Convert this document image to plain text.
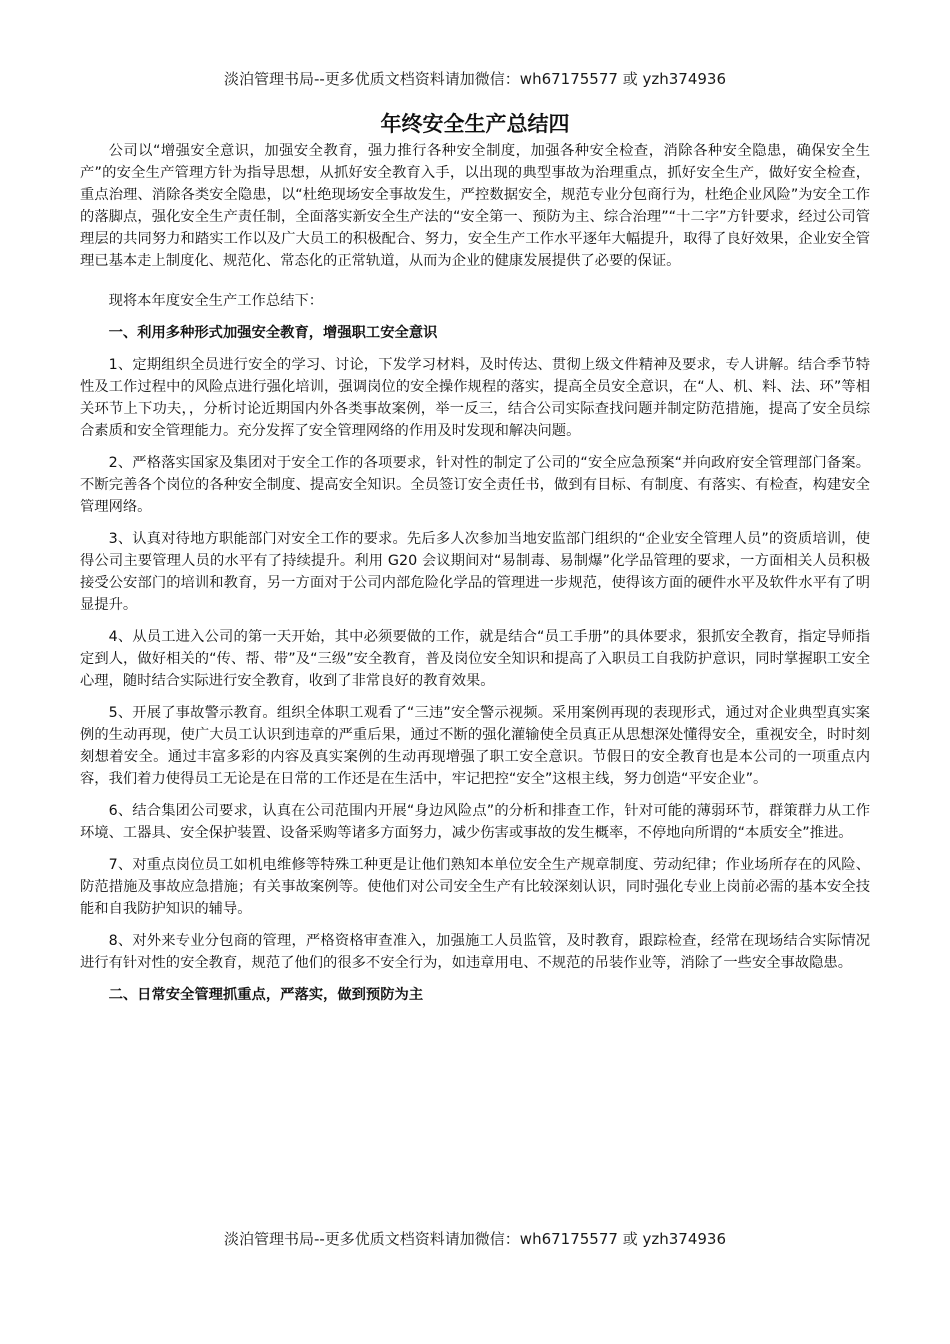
淡泊管理书局--更多优质文档资料请加微信：wh67175577 或 yzh374936
年终安全生产总结四

公司以“增强安全意识，加强安全教育，强力推行各种安全制度，加强各种安全检查，消除各种安全隐患，确保安全生产”的安全生产管理方针为指导思想，从抓好安全教育入手，以出现的典型事故为治理重点，抓好安全生产，做好安全检查，重点治理、消除各类安全隐患，以“杜绝现场安全事故发生，严控数据安全，规范专业分包商行为，杜绝企业风险”为安全工作的落脚点，强化安全生产责任制，全面落实新安全生产法的“安全第一、预防为主、综合治理”“十二字”方针要求，经过公司管理层的共同努力和踏实工作以及广大员工的积极配合、努力，安全生产工作水平逐年大幅提升，取得了良好效果，企业安全管理已基本走上制度化、规范化、常态化的正常轨道，从而为企业的健康发展提供了必要的保证。

现将本年度安全生产工作总结下：

一、利用多种形式加强安全教育，增强职工安全意识

1、定期组织全员进行安全的学习、讨论，下发学习材料，及时传达、贯彻上级文件精神及要求，专人讲解。结合季节特性及工作过程中的风险点进行强化培训，强调岗位的安全操作规程的落实，提高全员安全意识，在“人、机、料、法、环”等相关环节上下功夫，，分析讨论近期国内外各类事故案例，举一反三，结合公司实际查找问题并制定防范措施，提高了安全员综合素质和安全管理能力。充分发挥了安全管理网络的作用及时发现和解决问题。

2、严格落实国家及集团对于安全工作的各项要求，针对性的制定了公司的“安全应急预案“并向政府安全管理部门备案。不断完善各个岗位的各种安全制度、提高安全知识。全员签订安全责任书，做到有目标、有制度、有落实、有检查，构建安全管理网络。

3、认真对待地方职能部门对安全工作的要求。先后多人次参加当地安监部门组织的“企业安全管理人员”的资质培训，使得公司主要管理人员的水平有了持续提升。利用 G20 会议期间对“易制毒、易制爆”化学品管理的要求，一方面相关人员积极接受公安部门的培训和教育，另一方面对于公司内部危险化学品的管理进一步规范，使得该方面的硬件水平及软件水平有了明显提升。

4、从员工进入公司的第一天开始，其中必须要做的工作，就是结合“员工手册”的具体要求，狠抓安全教育，指定导师指定到人，做好相关的“传、帮、带”及“三级”安全教育，普及岗位安全知识和提高了入职员工自我防护意识，同时掌握职工安全心理，随时结合实际进行安全教育，收到了非常良好的教育效果。

5、开展了事故警示教育。组织全体职工观看了“三违”安全警示视频。采用案例再现的表现形式，通过对企业典型真实案例的生动再现，使广大员工认识到违章的严重后果，通过不断的强化灌输使全员真正从思想深处懂得安全，重视安全，时时刻刻想着安全。通过丰富多彩的内容及真实案例的生动再现增强了职工安全意识。节假日的安全教育也是本公司的一项重点内容，我们着力使得员工无论是在日常的工作还是在生活中，牢记把控“安全”这根主线，努力创造“平安企业”。

6、结合集团公司要求，认真在公司范围内开展“身边风险点”的分析和排查工作，针对可能的薄弱环节，群策群力从工作环境、工器具、安全保护装置、设备采购等诸多方面努力，减少伤害或事故的发生概率，不停地向所谓的“本质安全”推进。

7、对重点岗位员工如机电维修等特殊工种更是让他们熟知本单位安全生产规章制度、劳动纪律；作业场所存在的风险、防范措施及事故应急措施；有关事故案例等。使他们对公司安全生产有比较深刻认识，同时强化专业上岗前必需的基本安全技能和自我防护知识的辅导。

8、对外来专业分包商的管理，严格资格审查准入，加强施工人员监管，及时教育，跟踪检查，经常在现场结合实际情况进行有针对性的安全教育，规范了他们的很多不安全行为，如违章用电、不规范的吊装作业等，消除了一些安全事故隐患。

二、日常安全管理抓重点，严落实，做到预防为主

淡泊管理书局--更多优质文档资料请加微信：wh67175577 或 yzh374936
